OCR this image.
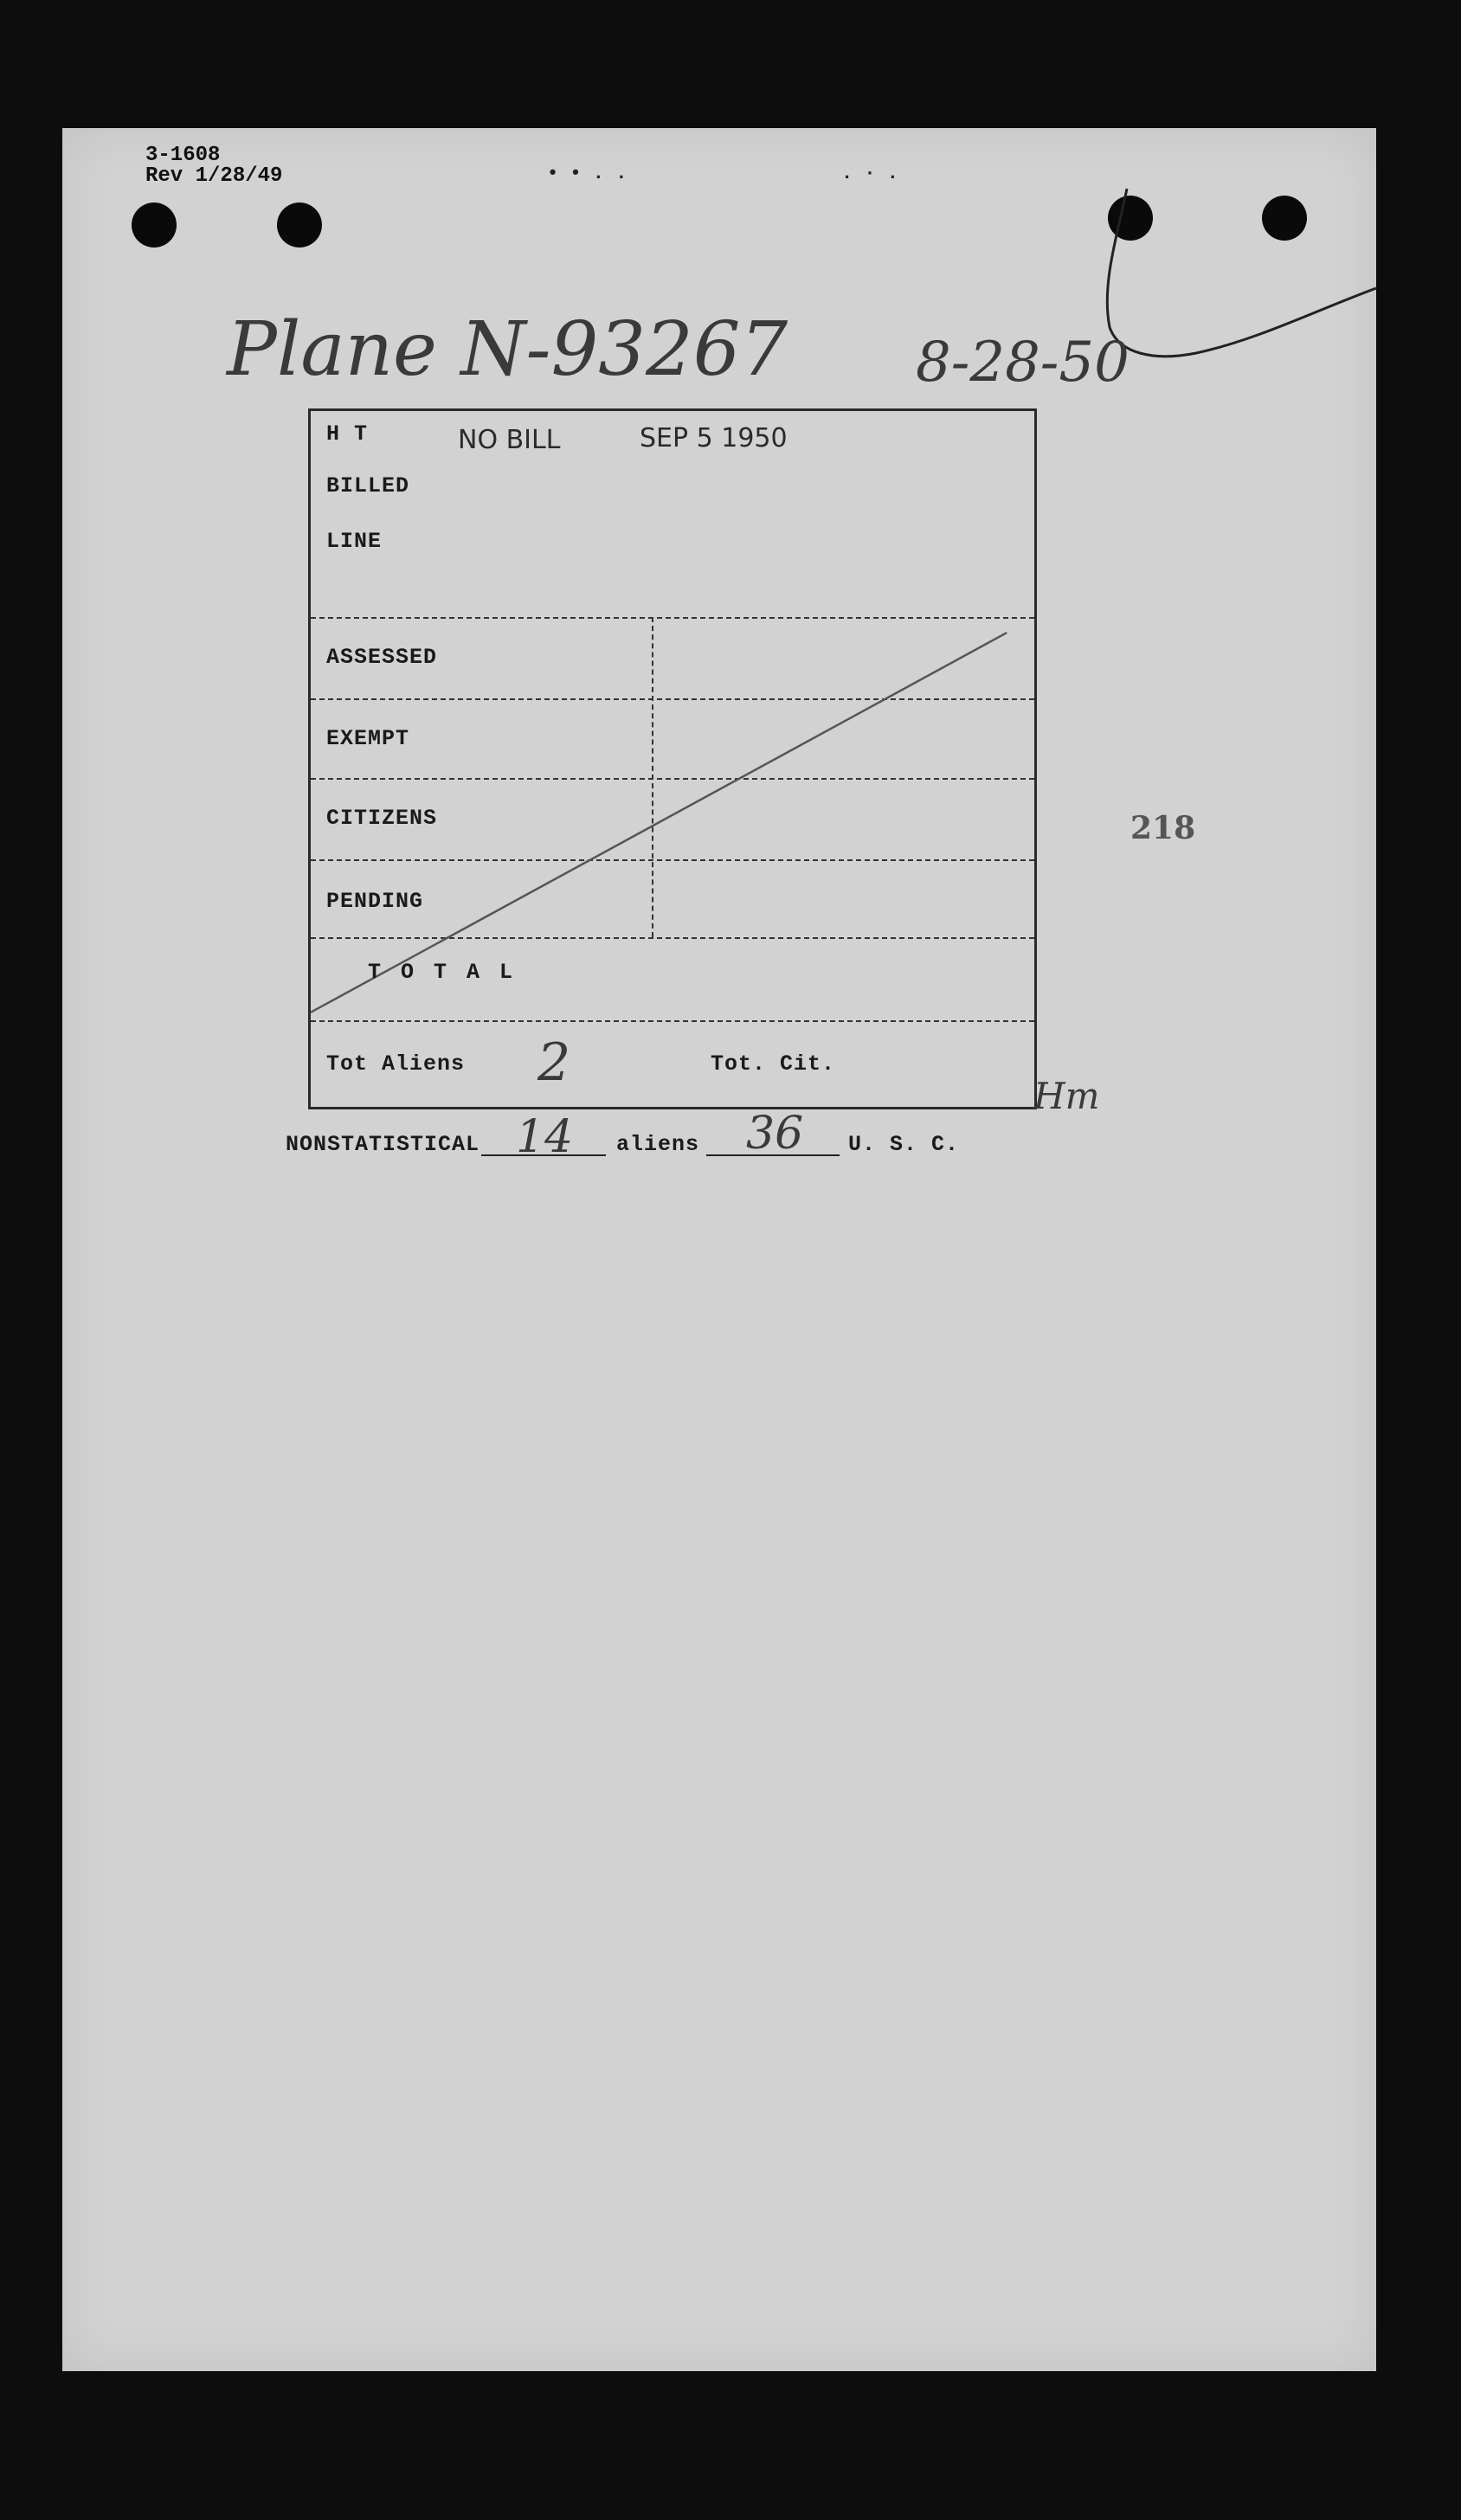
• • . .	. · .
3-1608
Rev 1/28/49
Plane N-93267 8-28-50
H T	NO BILL	SEP 5 1950
BILLED
LINE
ASSESSED
EXEMPT
CITIZENS
PENDING
T O T A L
Tot Aliens 2	Tot. Cit.
218
Hm
NONSTATISTICAL 14 aliens 36 U. S. C.
